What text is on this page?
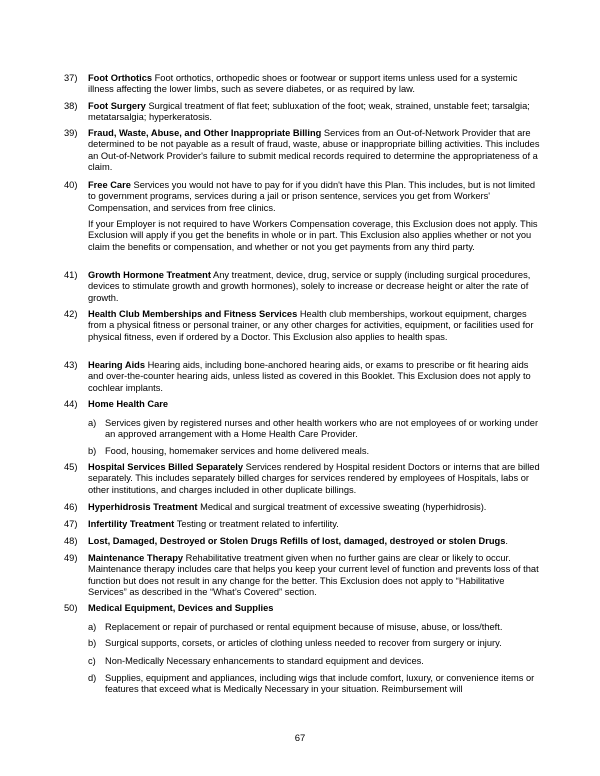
37) Foot Orthotics Foot orthotics, orthopedic shoes or footwear or support items unless used for a systemic illness affecting the lower limbs, such as severe diabetes, or as required by law.
38) Foot Surgery Surgical treatment of flat feet; subluxation of the foot; weak, strained, unstable feet; tarsalgia; metatarsalgia; hyperkeratosis.
39) Fraud, Waste, Abuse, and Other Inappropriate Billing Services from an Out-of-Network Provider that are determined to be not payable as a result of fraud, waste, abuse or inappropriate billing activities. This includes an Out-of-Network Provider's failure to submit medical records required to determine the appropriateness of a claim.
40) Free Care Services you would not have to pay for if you didn't have this Plan. This includes, but is not limited to government programs, services during a jail or prison sentence, services you get from Workers' Compensation, and services from free clinics.
If your Employer is not required to have Workers Compensation coverage, this Exclusion does not apply. This Exclusion will apply if you get the benefits in whole or in part. This Exclusion also applies whether or not you claim the benefits or compensation, and whether or not you get payments from any third party.
41) Growth Hormone Treatment Any treatment, device, drug, service or supply (including surgical procedures, devices to stimulate growth and growth hormones), solely to increase or decrease height or alter the rate of growth.
42) Health Club Memberships and Fitness Services Health club memberships, workout equipment, charges from a physical fitness or personal trainer, or any other charges for activities, equipment, or facilities used for physical fitness, even if ordered by a Doctor. This Exclusion also applies to health spas.
43) Hearing Aids Hearing aids, including bone-anchored hearing aids, or exams to prescribe or fit hearing aids and over-the-counter hearing aids, unless listed as covered in this Booklet. This Exclusion does not apply to cochlear implants.
44) Home Health Care
a) Services given by registered nurses and other health workers who are not employees of or working under an approved arrangement with a Home Health Care Provider.
b) Food, housing, homemaker services and home delivered meals.
45) Hospital Services Billed Separately Services rendered by Hospital resident Doctors or interns that are billed separately. This includes separately billed charges for services rendered by employees of Hospitals, labs or other institutions, and charges included in other duplicate billings.
46) Hyperhidrosis Treatment Medical and surgical treatment of excessive sweating (hyperhidrosis).
47) Infertility Treatment Testing or treatment related to infertility.
48) Lost, Damaged, Destroyed or Stolen Drugs Refills of lost, damaged, destroyed or stolen Drugs.
49) Maintenance Therapy Rehabilitative treatment given when no further gains are clear or likely to occur. Maintenance therapy includes care that helps you keep your current level of function and prevents loss of that function but does not result in any change for the better. This Exclusion does not apply to “Habilitative Services” as described in the “What’s Covered” section.
50) Medical Equipment, Devices and Supplies
a) Replacement or repair of purchased or rental equipment because of misuse, abuse, or loss/theft.
b) Surgical supports, corsets, or articles of clothing unless needed to recover from surgery or injury.
c) Non-Medically Necessary enhancements to standard equipment and devices.
d) Supplies, equipment and appliances, including wigs that include comfort, luxury, or convenience items or features that exceed what is Medically Necessary in your situation. Reimbursement will
67
